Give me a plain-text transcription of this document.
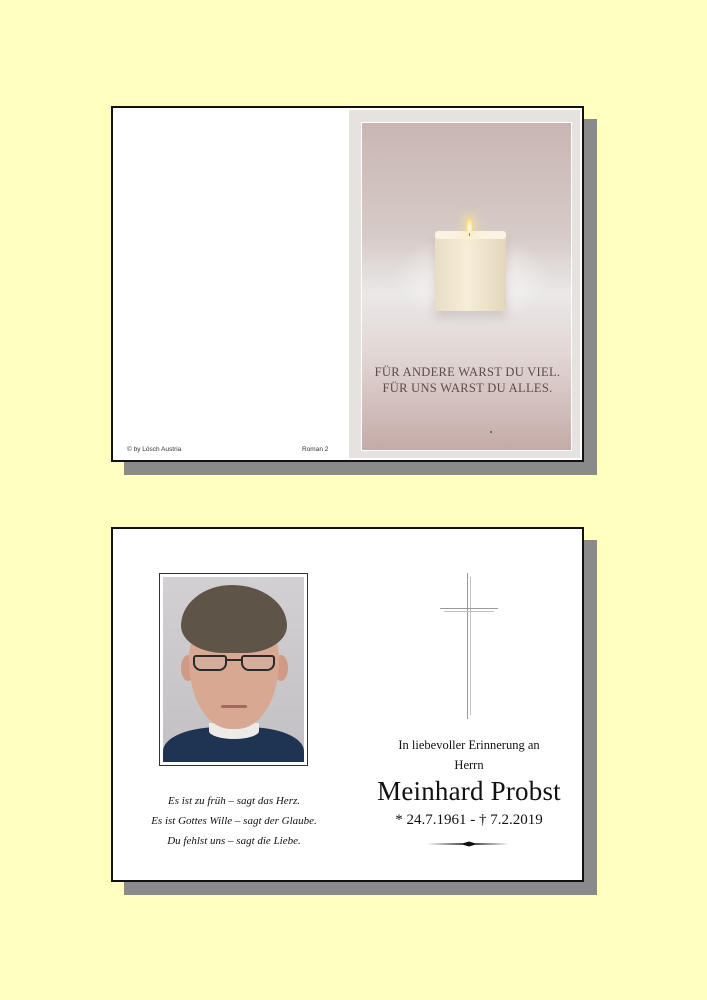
© by Lösch Austria	Roman 2
FÜR ANDERE WARST DU VIEL.
FÜR UNS WARST DU ALLES.
Es ist zu früh – sagt das Herz.
Es ist Gottes Wille – sagt der Glaube.
Du fehlst uns – sagt die Liebe.
In liebevoller Erinnerung an
Herrn
Meinhard Probst
* 24.7.1961 - † 7.2.2019
